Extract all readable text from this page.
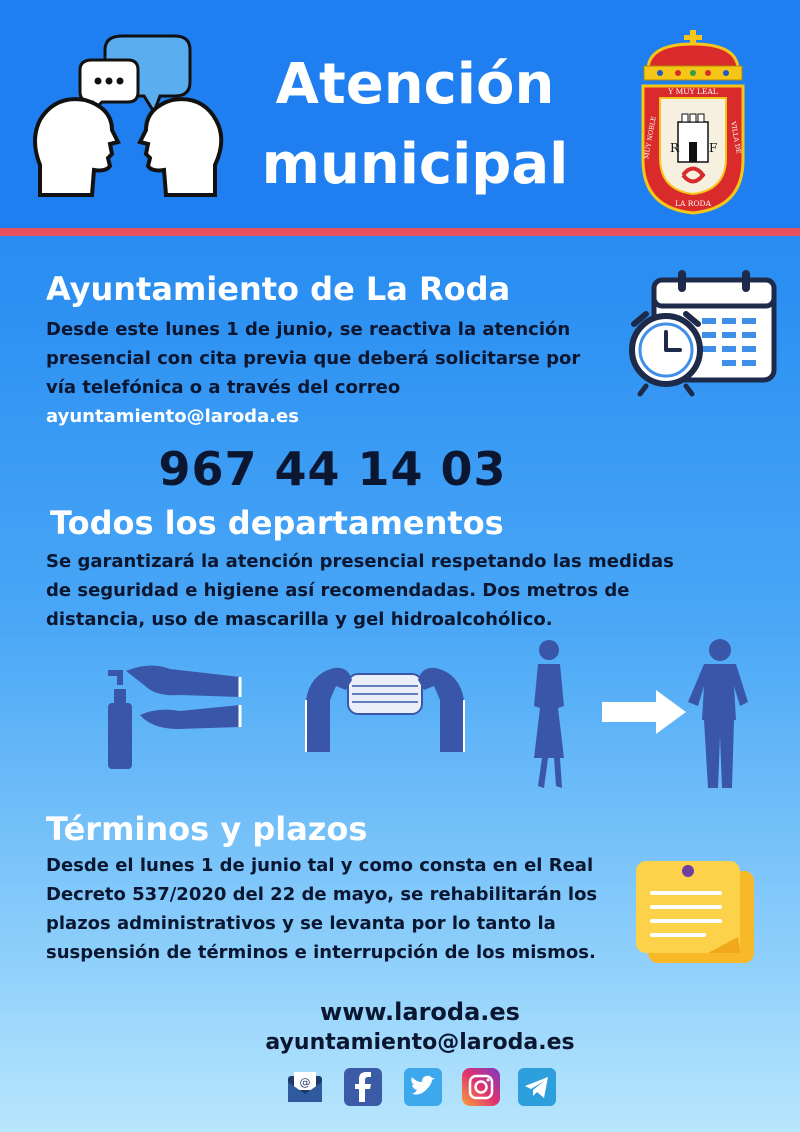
Atención
municipal	R F
Y MUY LEAL
MUY NOBLE	VILLA DE
LA RODA
Ayuntamiento de La Roda
Desde este lunes 1 de junio, se reactiva la atención
presencial con cita previa que deberá solicitarse por
vía telefónica o a través del correo
ayuntamiento@laroda.es
967 44 14 03
Todos los departamentos
Se garantizará la atención presencial respetando las medidas
de seguridad e higiene así recomendadas. Dos metros de
distancia, uso de mascarilla y gel hidroalcohólico.
Términos y plazos
Desde el lunes 1 de junio tal y como consta en el Real
Decreto 537/2020 del 22 de mayo, se rehabilitarán los
plazos administrativos y se levanta por lo tanto la
suspensión de términos e interrupción de los mismos.
www.laroda.es
ayuntamiento@laroda.es
@
